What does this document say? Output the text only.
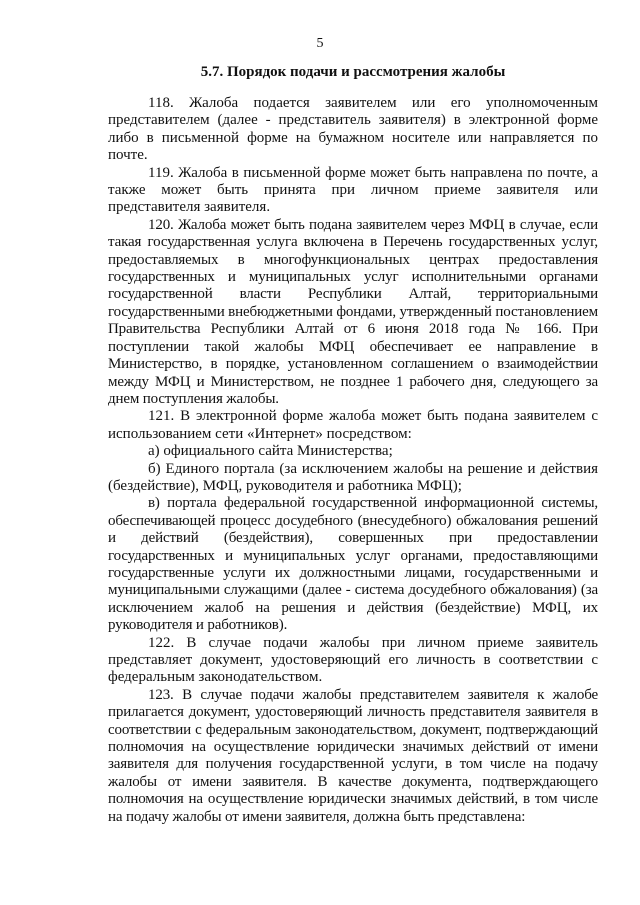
5
5.7. Порядок подачи и рассмотрения жалобы

118. Жалоба подается заявителем или его уполномоченным представителем (далее - представитель заявителя) в электронной форме либо в письменной форме на бумажном носителе или направляется по почте.

119. Жалоба в письменной форме может быть направлена по почте, а также может быть принята при личном приеме заявителя или представителя заявителя.

120. Жалоба может быть подана заявителем через МФЦ в случае, если такая государственная услуга включена в Перечень государственных услуг, предоставляемых в многофункциональных центрах предоставления государственных и муниципальных услуг исполнительными органами государственной власти Республики Алтай, территориальными государственными внебюджетными фондами, утвержденный постановлением Правительства Республики Алтай от 6 июня 2018 года № 166. При поступлении такой жалобы МФЦ обеспечивает ее направление в Министерство, в порядке, установленном соглашением о взаимодействии между МФЦ и Министерством, не позднее 1 рабочего дня, следующего за днем поступления жалобы.

121. В электронной форме жалоба может быть подана заявителем с использованием сети «Интернет» посредством:

а) официального сайта Министерства;

б) Единого портала (за исключением жалобы на решение и действия (бездействие), МФЦ, руководителя и работника МФЦ);

в) портала федеральной государственной информационной системы, обеспечивающей процесс досудебного (внесудебного) обжалования решений и действий (бездействия), совершенных при предоставлении государственных и муниципальных услуг органами, предоставляющими государственные услуги их должностными лицами, государственными и муниципальными служащими (далее - система досудебного обжалования) (за исключением жалоб на решения и действия (бездействие) МФЦ, их руководителя и работников).

122. В случае подачи жалобы при личном приеме заявитель представляет документ, удостоверяющий его личность в соответствии с федеральным законодательством.

123. В случае подачи жалобы представителем заявителя к жалобе прилагается документ, удостоверяющий личность представителя заявителя в соответствии с федеральным законодательством, документ, подтверждающий полномочия на осуществление юридически значимых действий от имени заявителя для получения государственной услуги, в том числе на подачу жалобы от имени заявителя. В качестве документа, подтверждающего полномочия на осуществление юридически значимых действий, в том числе на подачу жалобы от имени заявителя, должна быть представлена:
